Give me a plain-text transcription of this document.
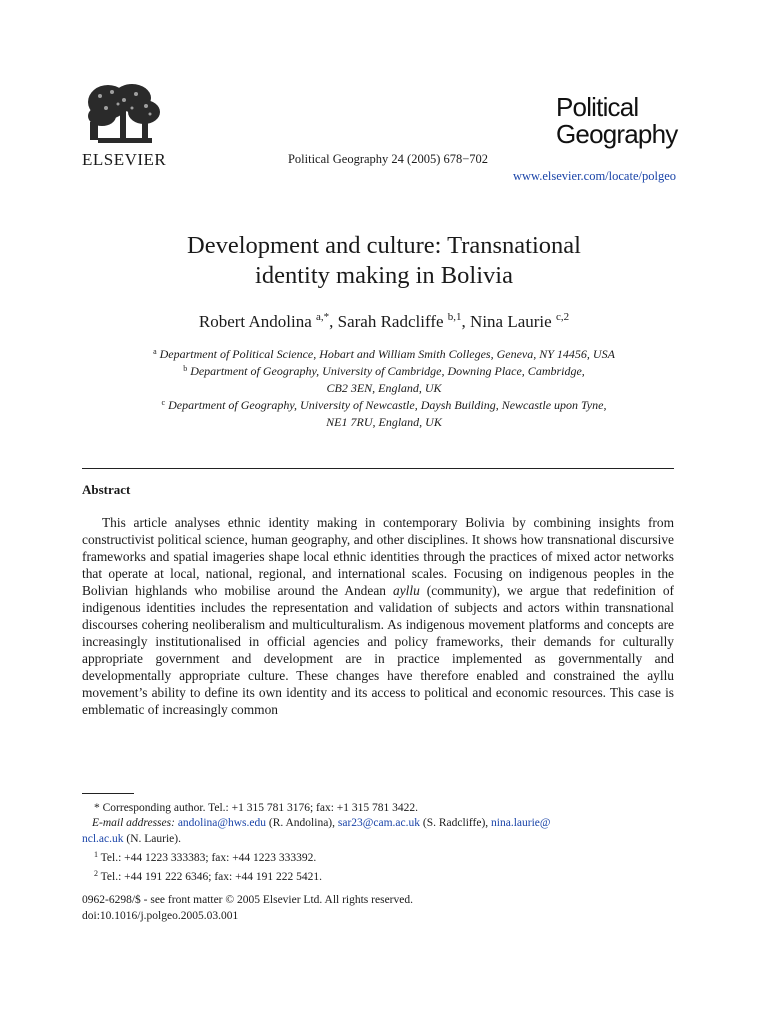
ELSEVIER	Political Geography 24 (2005) 678−702
Political
Geography
www.elsevier.com/locate/polgeo
Development and culture: Transnational
identity making in Bolivia
Robert Andolina $^{a,*}$, Sarah Radcliffe $^{b,1}$, Nina Laurie $^{c,2}$
$^a$ Department of Political Science, Hobart and William Smith Colleges, Geneva, NY 14456, USA
$^b$ Department of Geography, University of Cambridge, Downing Place, Cambridge,
CB2 3EN, England, UK
$^c$ Department of Geography, University of Newcastle, Daysh Building, Newcastle upon Tyne,
NE1 7RU, England, UK
Abstract
This article analyses ethnic identity making in contemporary Bolivia by combining insights from constructivist political science, human geography, and other disciplines. It shows how transnational discursive frameworks and spatial imageries shape local ethnic identities through the practices of mixed actor networks that operate at local, national, regional, and international scales. Focusing on indigenous peoples in the Bolivian highlands who mobilise around the Andean ayllu (community), we argue that redefinition of indigenous identities includes the representation and validation of subjects and actors within transnational discourses cohering neoliberalism and multiculturalism. As indigenous movement platforms and concepts are increasingly institutionalised in official agencies and policy frameworks, their demands for culturally appropriate government and development are in practice implemented as governmentally and developmentally appropriate culture. These changes have therefore enabled and constrained the ayllu movement’s ability to define its own identity and its access to political and economic resources. This case is emblematic of increasingly common
* Corresponding author. Tel.: +1 315 781 3176; fax: +1 315 781 3422.
E-mail addresses: andolina@hws.edu (R. Andolina), sar23@cam.ac.uk (S. Radcliffe), nina.laurie@
ncl.ac.uk (N. Laurie).
$^1$ Tel.: +44 1223 333383; fax: +44 1223 333392.
$^2$ Tel.: +44 191 222 6346; fax: +44 191 222 5421.
0962-6298/$ - see front matter © 2005 Elsevier Ltd. All rights reserved.
doi:10.1016/j.polgeo.2005.03.001
